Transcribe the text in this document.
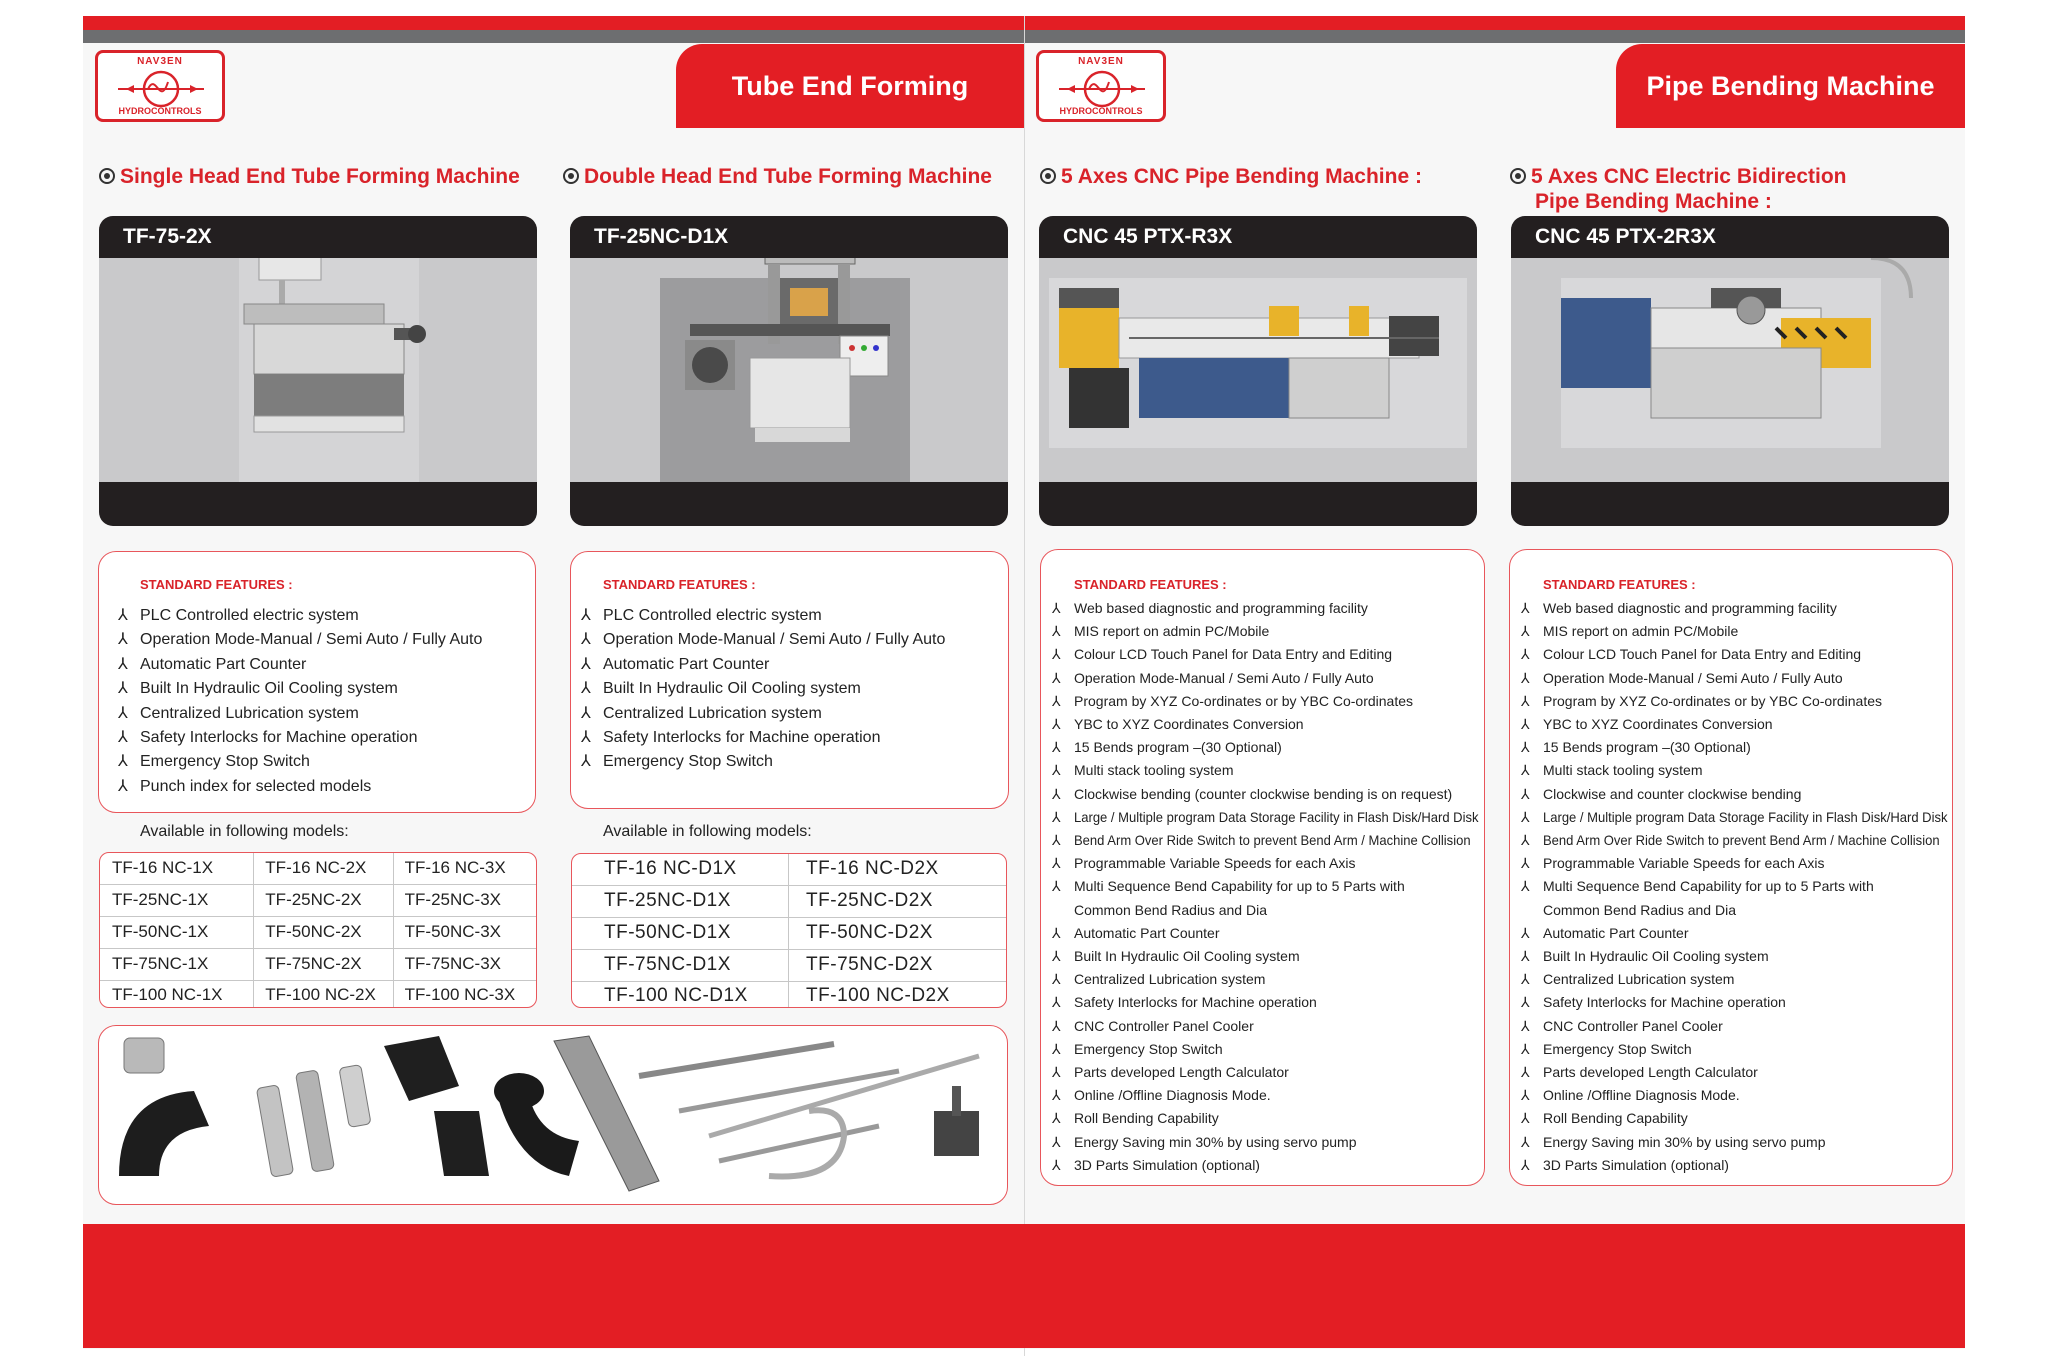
NAV3EN
HYDROCONTROLS
NAV3EN
HYDROCONTROLS
Tube End Forming	Pipe Bending Machine
Single Head End Tube Forming Machine	Double Head End Tube Forming Machine	5 Axes CNC Pipe Bending Machine :	5 Axes CNC Electric Bidirection
Pipe Bending Machine :
TF-75-2X	TF-25NC-D1X	CNC 45 PTX-R3X	CNC 45 PTX-2R3X
STANDARD FEATURES :
⅄ PLC Controlled electric system
⅄ Operation Mode-Manual / Semi Auto / Fully Auto
⅄ Automatic Part Counter
⅄ Built In Hydraulic Oil Cooling system
⅄ Centralized Lubrication system
⅄ Safety Interlocks for Machine operation
⅄ Emergency Stop Switch
⅄ Punch index for selected models
STANDARD FEATURES :
⅄ PLC Controlled electric system
⅄ Operation Mode-Manual / Semi Auto / Fully Auto
⅄ Automatic Part Counter
⅄ Built In Hydraulic Oil Cooling system
⅄ Centralized Lubrication system
⅄ Safety Interlocks for Machine operation
⅄ Emergency Stop Switch
Available in following models:	Available in following models:
TF-16 NC-1X	TF-16 NC-2X	TF-16 NC-3X
TF-25NC-1X	TF-25NC-2X	TF-25NC-3X
TF-50NC-1X	TF-50NC-2X	TF-50NC-3X
TF-75NC-1X	TF-75NC-2X	TF-75NC-3X
TF-100 NC-1X	TF-100 NC-2X	TF-100 NC-3X
TF-16 NC-D1X	TF-16 NC-D2X
TF-25NC-D1X	TF-25NC-D2X
TF-50NC-D1X	TF-50NC-D2X
TF-75NC-D1X	TF-75NC-D2X
TF-100 NC-D1X	TF-100 NC-D2X
STANDARD FEATURES :
⅄ Web based diagnostic and programming facility
⅄ MIS report on admin PC/Mobile
⅄ Colour LCD Touch Panel for Data Entry and Editing
⅄ Operation Mode-Manual / Semi Auto / Fully Auto
⅄ Program by XYZ Co-ordinates or by YBC Co-ordinates
⅄ YBC to XYZ Coordinates Conversion
⅄ 15 Bends program –(30 Optional)
⅄ Multi stack tooling system
⅄ Clockwise bending (counter clockwise bending is on request)
⅄ Large / Multiple program Data Storage Facility in Flash Disk/Hard Disk
⅄ Bend Arm Over Ride Switch to prevent Bend Arm / Machine Collision
⅄ Programmable Variable Speeds for each Axis
⅄ Multi Sequence Bend Capability for up to 5 Parts with
Common Bend Radius and Dia
⅄ Automatic Part Counter
⅄ Built In Hydraulic Oil Cooling system
⅄ Centralized Lubrication system
⅄ Safety Interlocks for Machine operation
⅄ CNC Controller Panel Cooler
⅄ Emergency Stop Switch
⅄ Parts developed Length Calculator
⅄ Online /Offline Diagnosis Mode.
⅄ Roll Bending Capability
⅄ Energy Saving min 30% by using servo pump
⅄ 3D Parts Simulation (optional)
STANDARD FEATURES :
⅄ Web based diagnostic and programming facility
⅄ MIS report on admin PC/Mobile
⅄ Colour LCD Touch Panel for Data Entry and Editing
⅄ Operation Mode-Manual / Semi Auto / Fully Auto
⅄ Program by XYZ Co-ordinates or by YBC Co-ordinates
⅄ YBC to XYZ Coordinates Conversion
⅄ 15 Bends program –(30 Optional)
⅄ Multi stack tooling system
⅄ Clockwise and counter clockwise bending
⅄ Large / Multiple program Data Storage Facility in Flash Disk/Hard Disk
⅄ Bend Arm Over Ride Switch to prevent Bend Arm / Machine Collision
⅄ Programmable Variable Speeds for each Axis
⅄ Multi Sequence Bend Capability for up to 5 Parts with
Common Bend Radius and Dia
⅄ Automatic Part Counter
⅄ Built In Hydraulic Oil Cooling system
⅄ Centralized Lubrication system
⅄ Safety Interlocks for Machine operation
⅄ CNC Controller Panel Cooler
⅄ Emergency Stop Switch
⅄ Parts developed Length Calculator
⅄ Online /Offline Diagnosis Mode.
⅄ Roll Bending Capability
⅄ Energy Saving min 30% by using servo pump
⅄ 3D Parts Simulation (optional)
